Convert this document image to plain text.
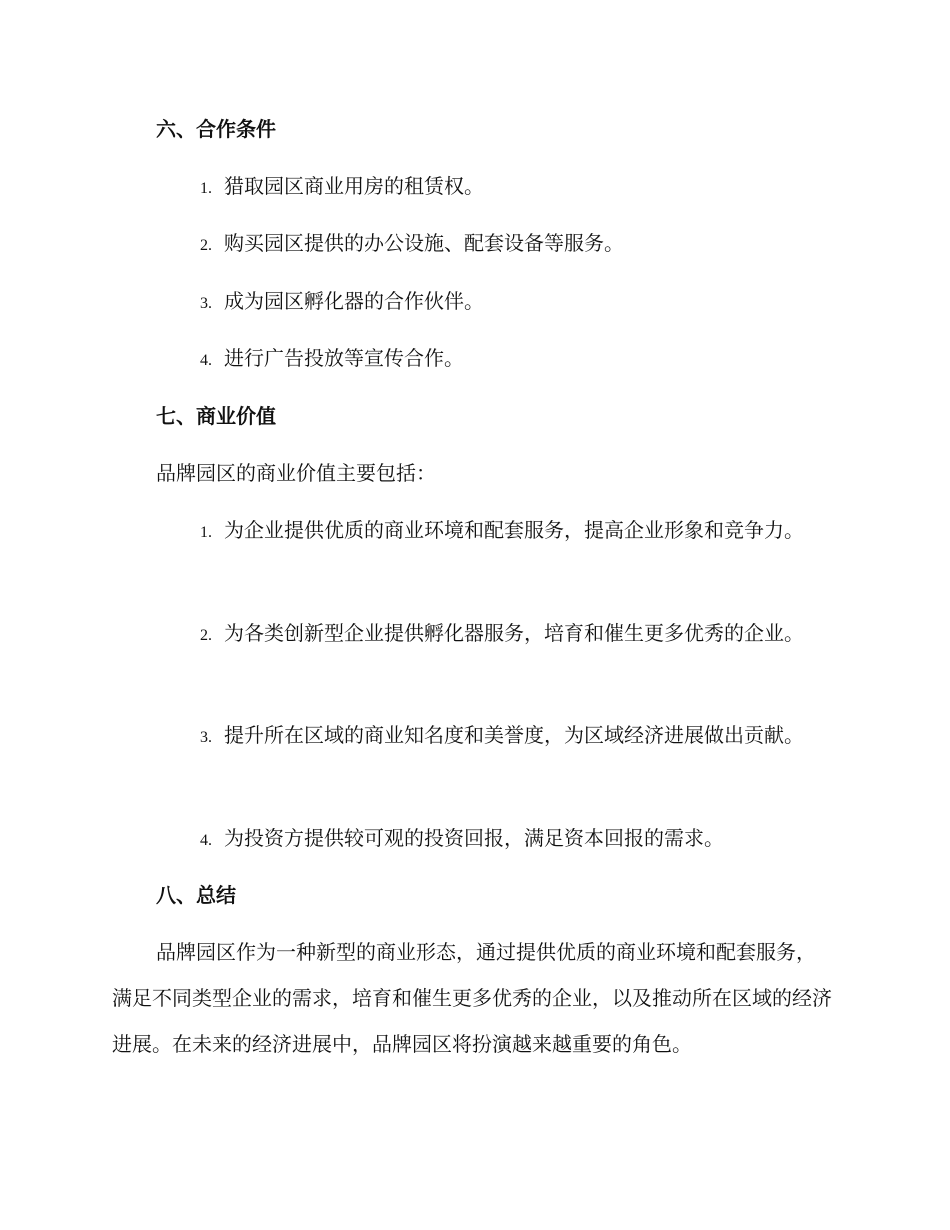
六、合作条件
1. 猎取园区商业用房的租赁权。
2. 购买园区提供的办公设施、配套设备等服务。
3. 成为园区孵化器的合作伙伴。
4. 进行广告投放等宣传合作。
七、商业价值
品牌园区的商业价值主要包括：
1. 为企业提供优质的商业环境和配套服务，提高企业形象和竞争力。
2. 为各类创新型企业提供孵化器服务，培育和催生更多优秀的企业。
3. 提升所在区域的商业知名度和美誉度，为区域经济进展做出贡献。
4. 为投资方提供较可观的投资回报，满足资本回报的需求。
八、总结
品牌园区作为一种新型的商业形态，通过提供优质的商业环境和配套服务，满足不同类型企业的需求，培育和催生更多优秀的企业，以及推动所在区域的经济进展。在未来的经济进展中，品牌园区将扮演越来越重要的角色。
